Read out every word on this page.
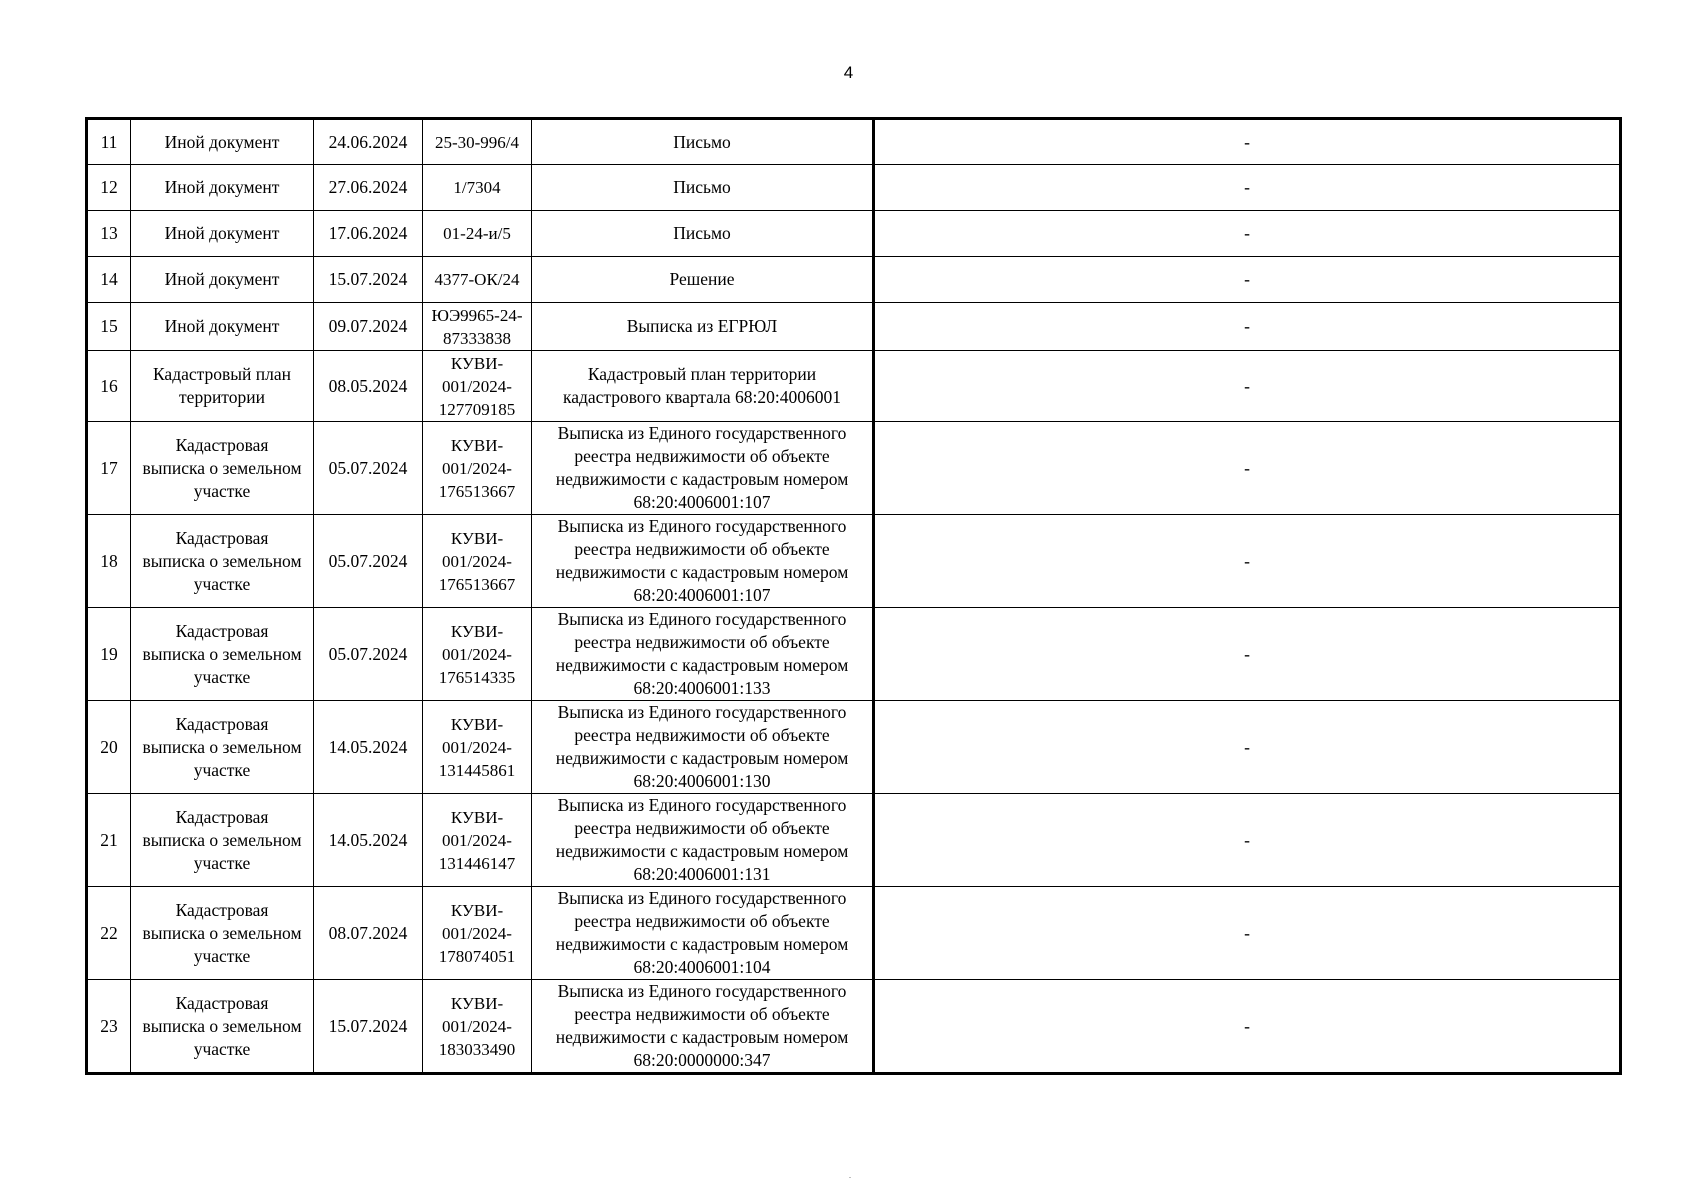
4
11	Иной документ	24.06.2024	25-30-996/4	Письмо	-
12	Иной документ	27.06.2024	1/7304	Письмо	-
13	Иной документ	17.06.2024	01-24-и/5	Письмо	-
14	Иной документ	15.07.2024	4377-ОК/24	Решение	-
15	Иной документ	09.07.2024	ЮЭ9965-24-
87333838	Выписка из ЕГРЮЛ	-
16	Кадастровый план
территории	08.05.2024	КУВИ-
001/2024-
127709185	Кадастровый план территории
кадастрового квартала 68:20:4006001	-
17	Кадастровая
выписка о земельном
участке	05.07.2024	КУВИ-
001/2024-
176513667	Выписка из Единого государственного
реестра недвижимости об объекте
недвижимости с кадастровым номером
68:20:4006001:107	-
18	Кадастровая
выписка о земельном
участке	05.07.2024	КУВИ-
001/2024-
176513667	Выписка из Единого государственного
реестра недвижимости об объекте
недвижимости с кадастровым номером
68:20:4006001:107	-
19	Кадастровая
выписка о земельном
участке	05.07.2024	КУВИ-
001/2024-
176514335	Выписка из Единого государственного
реестра недвижимости об объекте
недвижимости с кадастровым номером
68:20:4006001:133	-
20	Кадастровая
выписка о земельном
участке	14.05.2024	КУВИ-
001/2024-
131445861	Выписка из Единого государственного
реестра недвижимости об объекте
недвижимости с кадастровым номером
68:20:4006001:130	-
21	Кадастровая
выписка о земельном
участке	14.05.2024	КУВИ-
001/2024-
131446147	Выписка из Единого государственного
реестра недвижимости об объекте
недвижимости с кадастровым номером
68:20:4006001:131	-
22	Кадастровая
выписка о земельном
участке	08.07.2024	КУВИ-
001/2024-
178074051	Выписка из Единого государственного
реестра недвижимости об объекте
недвижимости с кадастровым номером
68:20:4006001:104	-
23	Кадастровая
выписка о земельном
участке	15.07.2024	КУВИ-
001/2024-
183033490	Выписка из Единого государственного
реестра недвижимости об объекте
недвижимости с кадастровым номером
68:20:0000000:347	-
.
